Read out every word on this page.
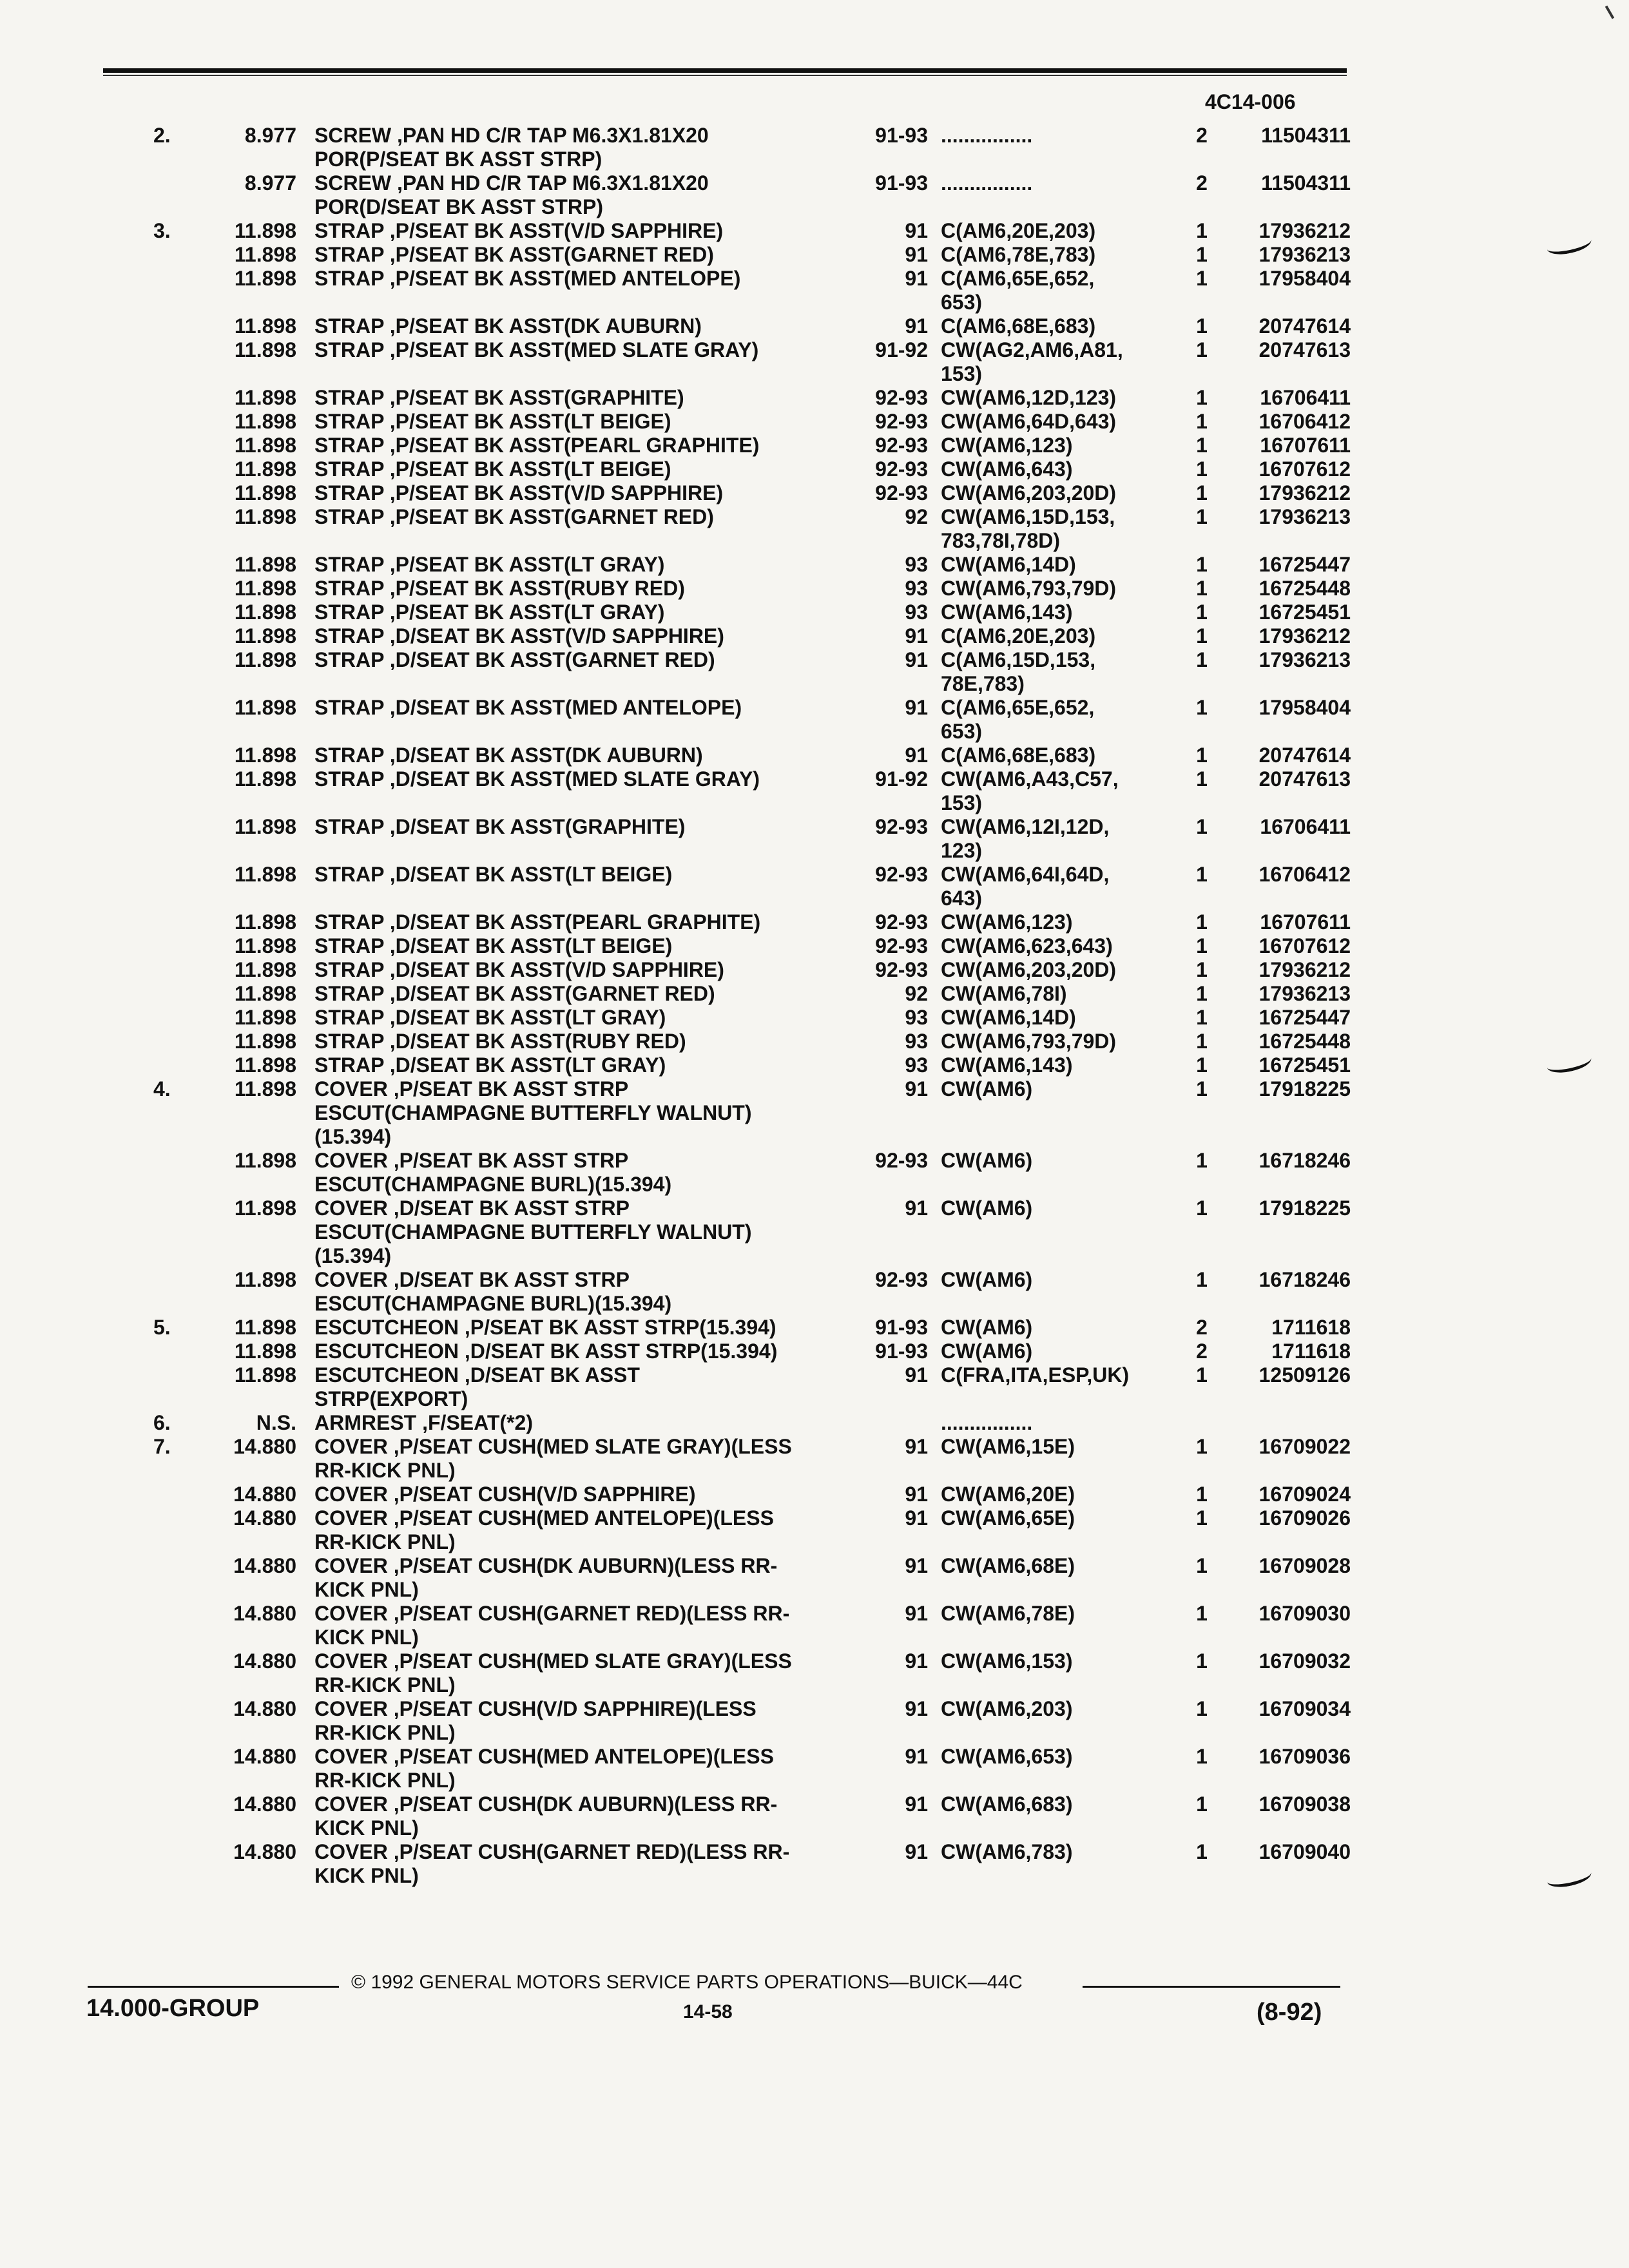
4C14-006
2.	8.977 SCREW ,PAN HD C/R TAP M6.3X1.81X20	91-93 ................	2	11504311
POR(P/SEAT BK ASST STRP)
8.977 SCREW ,PAN HD C/R TAP M6.3X1.81X20	91-93 ................	2	11504311
POR(D/SEAT BK ASST STRP)
3.	11.898 STRAP ,P/SEAT BK ASST(V/D SAPPHIRE)	91 C(AM6,20E,203)	1	17936212
11.898 STRAP ,P/SEAT BK ASST(GARNET RED)	91 C(AM6,78E,783)	1	17936213
11.898 STRAP ,P/SEAT BK ASST(MED ANTELOPE)	91 C(AM6,65E,652,	1	17958404
653)
11.898 STRAP ,P/SEAT BK ASST(DK AUBURN)	91 C(AM6,68E,683)	1	20747614
11.898 STRAP ,P/SEAT BK ASST(MED SLATE GRAY)	91-92 CW(AG2,AM6,A81,	1	20747613
153)
11.898 STRAP ,P/SEAT BK ASST(GRAPHITE)	92-93 CW(AM6,12D,123)	1	16706411
11.898 STRAP ,P/SEAT BK ASST(LT BEIGE)	92-93 CW(AM6,64D,643)	1	16706412
11.898 STRAP ,P/SEAT BK ASST(PEARL GRAPHITE)	92-93 CW(AM6,123)	1	16707611
11.898 STRAP ,P/SEAT BK ASST(LT BEIGE)	92-93 CW(AM6,643)	1	16707612
11.898 STRAP ,P/SEAT BK ASST(V/D SAPPHIRE)	92-93 CW(AM6,203,20D)	1	17936212
11.898 STRAP ,P/SEAT BK ASST(GARNET RED)	92 CW(AM6,15D,153,	1	17936213
783,78I,78D)
11.898 STRAP ,P/SEAT BK ASST(LT GRAY)	93 CW(AM6,14D)	1	16725447
11.898 STRAP ,P/SEAT BK ASST(RUBY RED)	93 CW(AM6,793,79D)	1	16725448
11.898 STRAP ,P/SEAT BK ASST(LT GRAY)	93 CW(AM6,143)	1	16725451
11.898 STRAP ,D/SEAT BK ASST(V/D SAPPHIRE)	91 C(AM6,20E,203)	1	17936212
11.898 STRAP ,D/SEAT BK ASST(GARNET RED)	91 C(AM6,15D,153,	1	17936213
78E,783)
11.898 STRAP ,D/SEAT BK ASST(MED ANTELOPE)	91 C(AM6,65E,652,	1	17958404
653)
11.898 STRAP ,D/SEAT BK ASST(DK AUBURN)	91 C(AM6,68E,683)	1	20747614
11.898 STRAP ,D/SEAT BK ASST(MED SLATE GRAY)	91-92 CW(AM6,A43,C57,	1	20747613
153)
11.898 STRAP ,D/SEAT BK ASST(GRAPHITE)	92-93 CW(AM6,12I,12D,	1	16706411
123)
11.898 STRAP ,D/SEAT BK ASST(LT BEIGE)	92-93 CW(AM6,64I,64D,	1	16706412
643)
11.898 STRAP ,D/SEAT BK ASST(PEARL GRAPHITE)	92-93 CW(AM6,123)	1	16707611
11.898 STRAP ,D/SEAT BK ASST(LT BEIGE)	92-93 CW(AM6,623,643)	1	16707612
11.898 STRAP ,D/SEAT BK ASST(V/D SAPPHIRE)	92-93 CW(AM6,203,20D)	1	17936212
11.898 STRAP ,D/SEAT BK ASST(GARNET RED)	92 CW(AM6,78I)	1	17936213
11.898 STRAP ,D/SEAT BK ASST(LT GRAY)	93 CW(AM6,14D)	1	16725447
11.898 STRAP ,D/SEAT BK ASST(RUBY RED)	93 CW(AM6,793,79D)	1	16725448
11.898 STRAP ,D/SEAT BK ASST(LT GRAY)	93 CW(AM6,143)	1	16725451
4.	11.898 COVER ,P/SEAT BK ASST STRP	91 CW(AM6)	1	17918225
ESCUT(CHAMPAGNE BUTTERFLY WALNUT)
(15.394)
11.898 COVER ,P/SEAT BK ASST STRP	92-93 CW(AM6)	1	16718246
ESCUT(CHAMPAGNE BURL)(15.394)
11.898 COVER ,D/SEAT BK ASST STRP	91 CW(AM6)	1	17918225
ESCUT(CHAMPAGNE BUTTERFLY WALNUT)
(15.394)
11.898 COVER ,D/SEAT BK ASST STRP	92-93 CW(AM6)	1	16718246
ESCUT(CHAMPAGNE BURL)(15.394)
5.	11.898 ESCUTCHEON ,P/SEAT BK ASST STRP(15.394)	91-93 CW(AM6)	2	1711618
11.898 ESCUTCHEON ,D/SEAT BK ASST STRP(15.394)	91-93 CW(AM6)	2	1711618
11.898 ESCUTCHEON ,D/SEAT BK ASST	91 C(FRA,ITA,ESP,UK)	1	12509126
STRP(EXPORT)
6.	N.S. ARMREST ,F/SEAT(*2)	................
7.	14.880 COVER ,P/SEAT CUSH(MED SLATE GRAY)(LESS	91 CW(AM6,15E)	1	16709022
RR-KICK PNL)
14.880 COVER ,P/SEAT CUSH(V/D SAPPHIRE)	91 CW(AM6,20E)	1	16709024
14.880 COVER ,P/SEAT CUSH(MED ANTELOPE)(LESS	91 CW(AM6,65E)	1	16709026
RR-KICK PNL)
14.880 COVER ,P/SEAT CUSH(DK AUBURN)(LESS RR-	91 CW(AM6,68E)	1	16709028
KICK PNL)
14.880 COVER ,P/SEAT CUSH(GARNET RED)(LESS RR-	91 CW(AM6,78E)	1	16709030
KICK PNL)
14.880 COVER ,P/SEAT CUSH(MED SLATE GRAY)(LESS	91 CW(AM6,153)	1	16709032
RR-KICK PNL)
14.880 COVER ,P/SEAT CUSH(V/D SAPPHIRE)(LESS	91 CW(AM6,203)	1	16709034
RR-KICK PNL)
14.880 COVER ,P/SEAT CUSH(MED ANTELOPE)(LESS	91 CW(AM6,653)	1	16709036
RR-KICK PNL)
14.880 COVER ,P/SEAT CUSH(DK AUBURN)(LESS RR-	91 CW(AM6,683)	1	16709038
KICK PNL)
14.880 COVER ,P/SEAT CUSH(GARNET RED)(LESS RR-	91 CW(AM6,783)	1	16709040
KICK PNL)
© 1992 GENERAL MOTORS SERVICE PARTS OPERATIONS—BUICK—44C
14.000-GROUP	14-58	(8-92)
